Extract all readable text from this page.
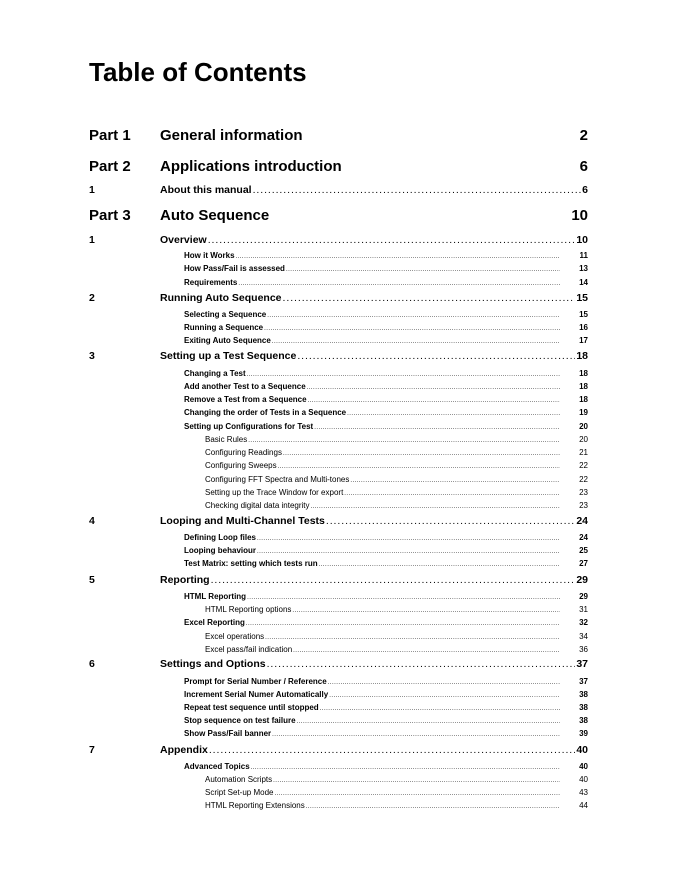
Table of Contents
Part 1 General information	2
Part 2 Applications introduction	6
1	About this manual . . .	6
Part 3 Auto Sequence	10
1	Overview . . .	10
How it Works . . .	11
How Pass/Fail is assessed . . .	13
Requirements . . .	14
2	Running Auto Sequence . . .	15
Selecting a Sequence . . .	15
Running a Sequence . . .	16
Exiting Auto Sequence . . .	17
3	Setting up a Test Sequence . . .	18
Changing a Test . . .	18
Add another Test to a Sequence . . .	18
Remove a Test from a Sequence . . .	18
Changing the order of Tests in a Sequence . . .	19
Setting up Configurations for Test . . .	20
Basic Rules . . .	20
Configuring Readings . . .	21
Configuring Sweeps . . .	22
Configuring FFT Spectra and Multi-tones . . .	22
Setting up the Trace Window for export . . .	23
Checking digital data integrity . . .	23
4	Looping and Multi-Channel Tests . . .	24
Defining Loop files . . .	24
Looping behaviour . . .	25
Test Matrix: setting which tests run . . .	27
5	Reporting . . .	29
HTML Reporting . . .	29
HTML Reporting options . . .	31
Excel Reporting . . .	32
Excel operations . . .	34
Excel pass/fail indication . . .	36
6	Settings and Options . . .	37
Prompt for Serial Number / Reference . . .	37
Increment Serial Numer Automatically . . .	38
Repeat test sequence until stopped . . .	38
Stop sequence on test failure . . .	38
Show Pass/Fail banner . . .	39
7	Appendix . . .	40
Advanced Topics . . .	40
Automation Scripts . . .	40
Script Set-up Mode . . .	43
HTML Reporting Extensions . . .	44
